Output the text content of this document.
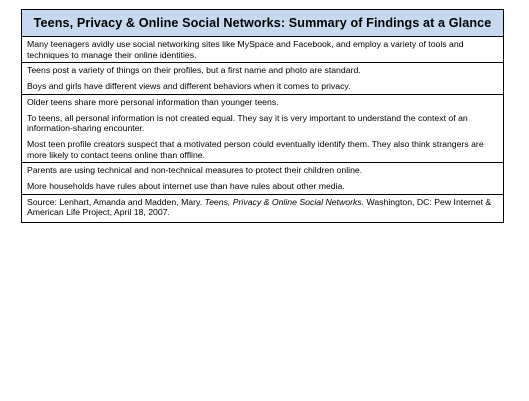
Teens, Privacy & Online Social Networks: Summary of Findings at a Glance

Many teenagers avidly use social networking sites like MySpace and Facebook, and employ a variety of tools and techniques to manage their online identities.

Teens post a variety of things on their profiles, but a first name and photo are standard.

Boys and girls have different views and different behaviors when it comes to privacy.

Older teens share more personal information than younger teens.

To teens, all personal information is not created equal. They say it is very important to understand the context of an information-sharing encounter.

Most teen profile creators suspect that a motivated person could eventually identify them. They also think strangers are more likely to contact teens online than offline.

Parents are using technical and non-technical measures to protect their children online.

More households have rules about internet use than have rules about other media.

Source: Lenhart, Amanda and Madden, Mary. Teens, Privacy & Online Social Networks. Washington, DC: Pew Internet & American Life Project, April 18, 2007.
